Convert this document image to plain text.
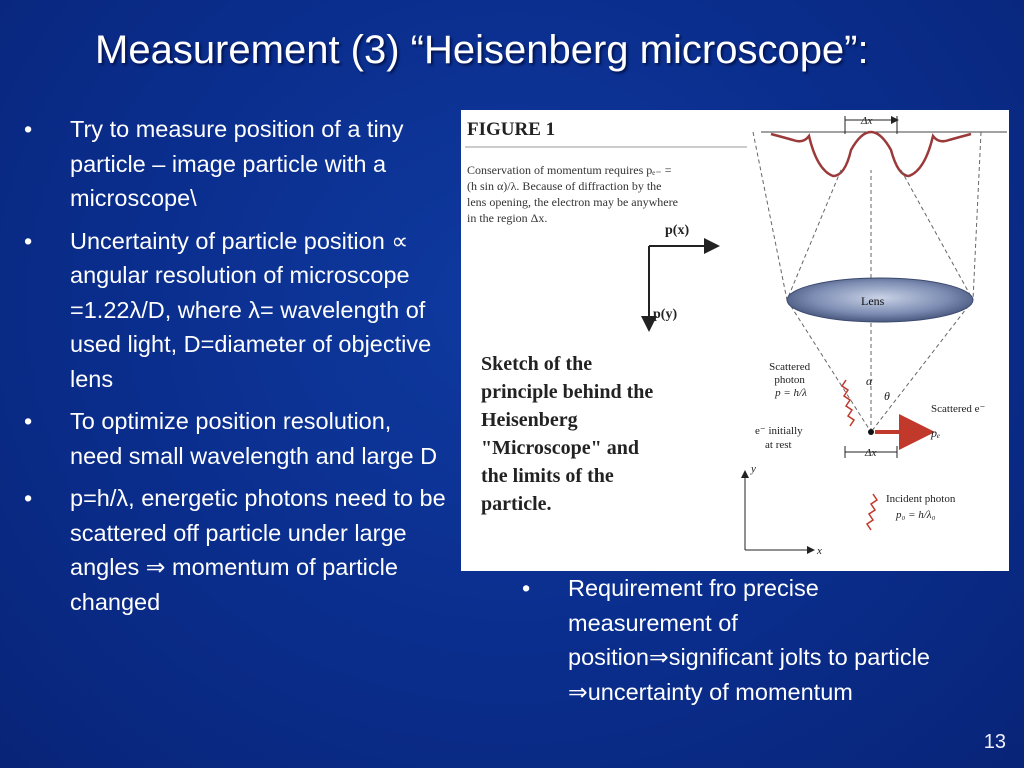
Measurement (3) “Heisenberg microscope”:
• Try to measure position of a tiny particle – image particle with a microscope\
• Uncertainty of particle position ∝ angular resolution of microscope =1.22λ/D, where λ= wavelength of used light, D=diameter of objective lens
• To optimize position resolution, need small wavelength and large D
• p=h/λ, energetic photons need to be scattered off particle under large angles ⇒ momentum of particle changed
FIGURE 1
Conservation of momentum requires pₑ₋ = (h sin α)/λ. Because of diffraction by the lens opening, the electron may be anywhere in the region Δx.
p(x)
p(y)
Sketch of the principle behind the Heisenberg "Microscope" and the limits of the particle.
Δx
Lens
Scattered photon p = h/λ
α
θ
Scattered e⁻
e⁻ initially at rest
pₑ
Δx
y
x
Incident photon p₀ = h/λ₀
• Requirement fro precise measurement of position⇒significant jolts to particle ⇒uncertainty of momentum
13
